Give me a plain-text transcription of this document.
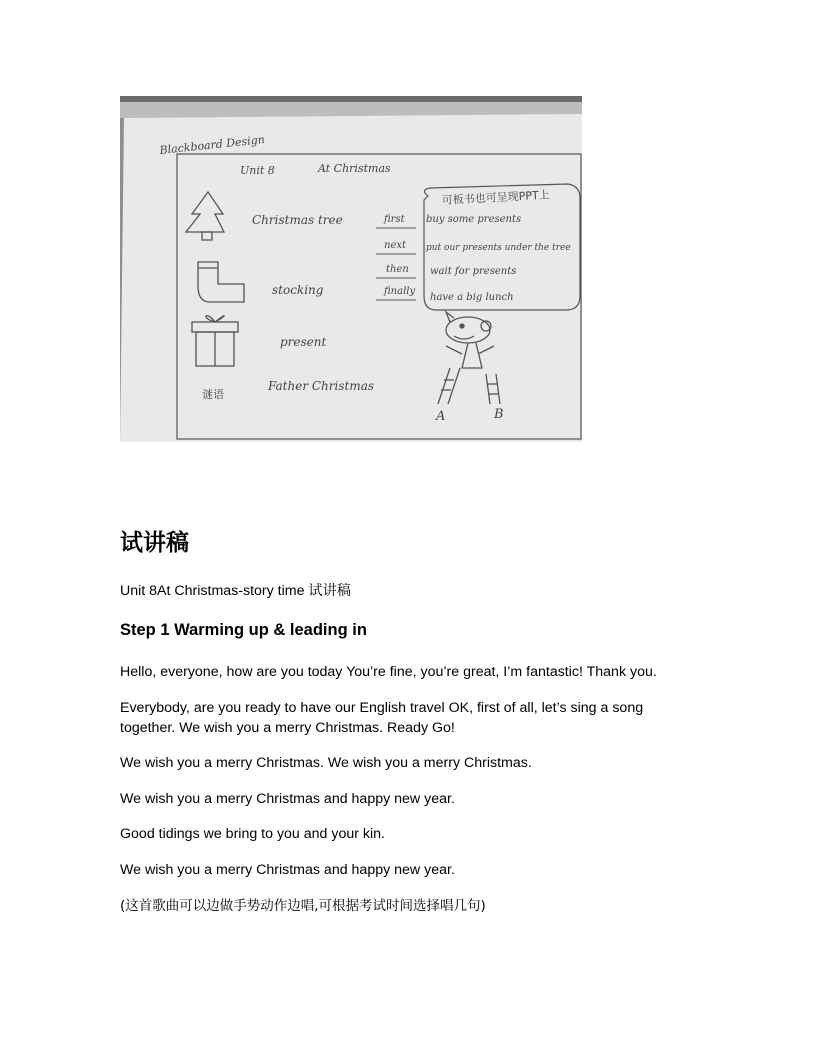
Blackboard Design
Unit 8	At Christmas
Christmas tree
stocking
present
谜语
Father Christmas
first
next
then
finally
可板书也可呈现PPT上
buy some presents
put our presents under the tree
wait for presents
have a big lunch
A	B
试讲稿

Unit 8At Christmas-story time 试讲稿

Step 1 Warming up & leading in

Hello, everyone, how are you today You’re fine, you’re great, I’m fantastic! Thank you.

Everybody, are you ready to have our English travel OK, first of all, let’s sing a song together. We wish you a merry Christmas. Ready Go!

We wish you a merry Christmas. We wish you a merry Christmas.

We wish you a merry Christmas and happy new year.

Good tidings we bring to you and your kin.

We wish you a merry Christmas and happy new year.

(这首歌曲可以边做手势动作边唱,可根据考试时间选择唱几句)
